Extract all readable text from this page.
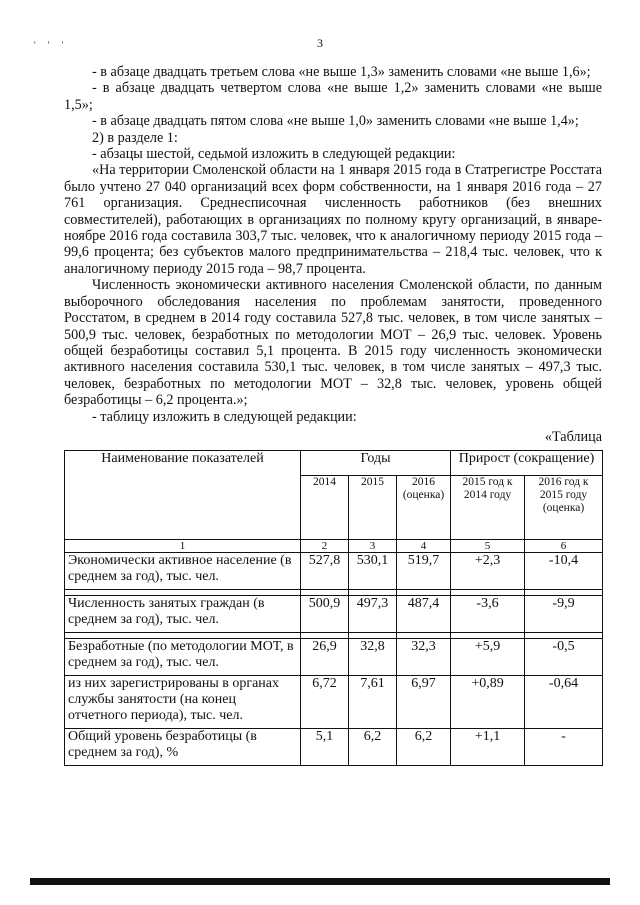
' ' '	3

- в абзаце двадцать третьем слова «не выше 1,3» заменить словами «не выше 1,6»;

- в абзаце двадцать четвертом слова «не выше 1,2» заменить словами «не выше 1,5»;

- в абзаце двадцать пятом слова «не выше 1,0» заменить словами «не выше 1,4»;

2) в разделе 1:

- абзацы шестой, седьмой изложить в следующей редакции:

«На территории Смоленской области на 1 января 2015 года в Статрегистре Росстата было учтено 27 040 организаций всех форм собственности, на 1 января 2016 года – 27 761 организация. Среднесписочная численность работников (без внешних совместителей), работающих в организациях по полному кругу организаций, в январе-ноябре 2016 года составила 303,7 тыс. человек, что к аналогичному периоду 2015 года – 99,6 процента; без субъектов малого предпринимательства – 218,4 тыс. человек, что к аналогичному периоду 2015 года – 98,7 процента.

Численность экономически активного населения Смоленской области, по данным выборочного обследования населения по проблемам занятости, проведенного Росстатом, в среднем в 2014 году составила 527,8 тыс. человек, в том числе занятых – 500,9 тыс. человек, безработных по методологии МОТ – 26,9 тыс. человек. Уровень общей безработицы составил 5,1 процента. В 2015 году численность экономически активного населения составила 530,1 тыс. человек, в том числе занятых – 497,3 тыс. человек, безработных по методологии МОТ – 32,8 тыс. человек, уровень общей безработицы – 6,2 процента.»;

- таблицу изложить в следующей редакции:

«Таблица
Наименование показателей	Годы			Прирост (сокращение)	
	2014	2015	2016 (оценка)	2015 год к 2014 году	2016 год к 2015 году (оценка)
1	2	3	4	5	6
Экономически активное население (в среднем за год), тыс. чел.	527,8	530,1	519,7	+2,3	-10,4

Численность занятых граждан (в среднем за год), тыс. чел.	500,9	497,3	487,4	-3,6	-9,9

Безработные (по методологии МОТ, в среднем за год), тыс. чел.	26,9	32,8	32,3	+5,9	-0,5
из них зарегистрированы в органах службы занятости (на конец отчетного периода), тыс. чел.	6,72	7,61	6,97	+0,89	-0,64
Общий уровень безработицы (в среднем за год), %	5,1	6,2	6,2	+1,1	-
